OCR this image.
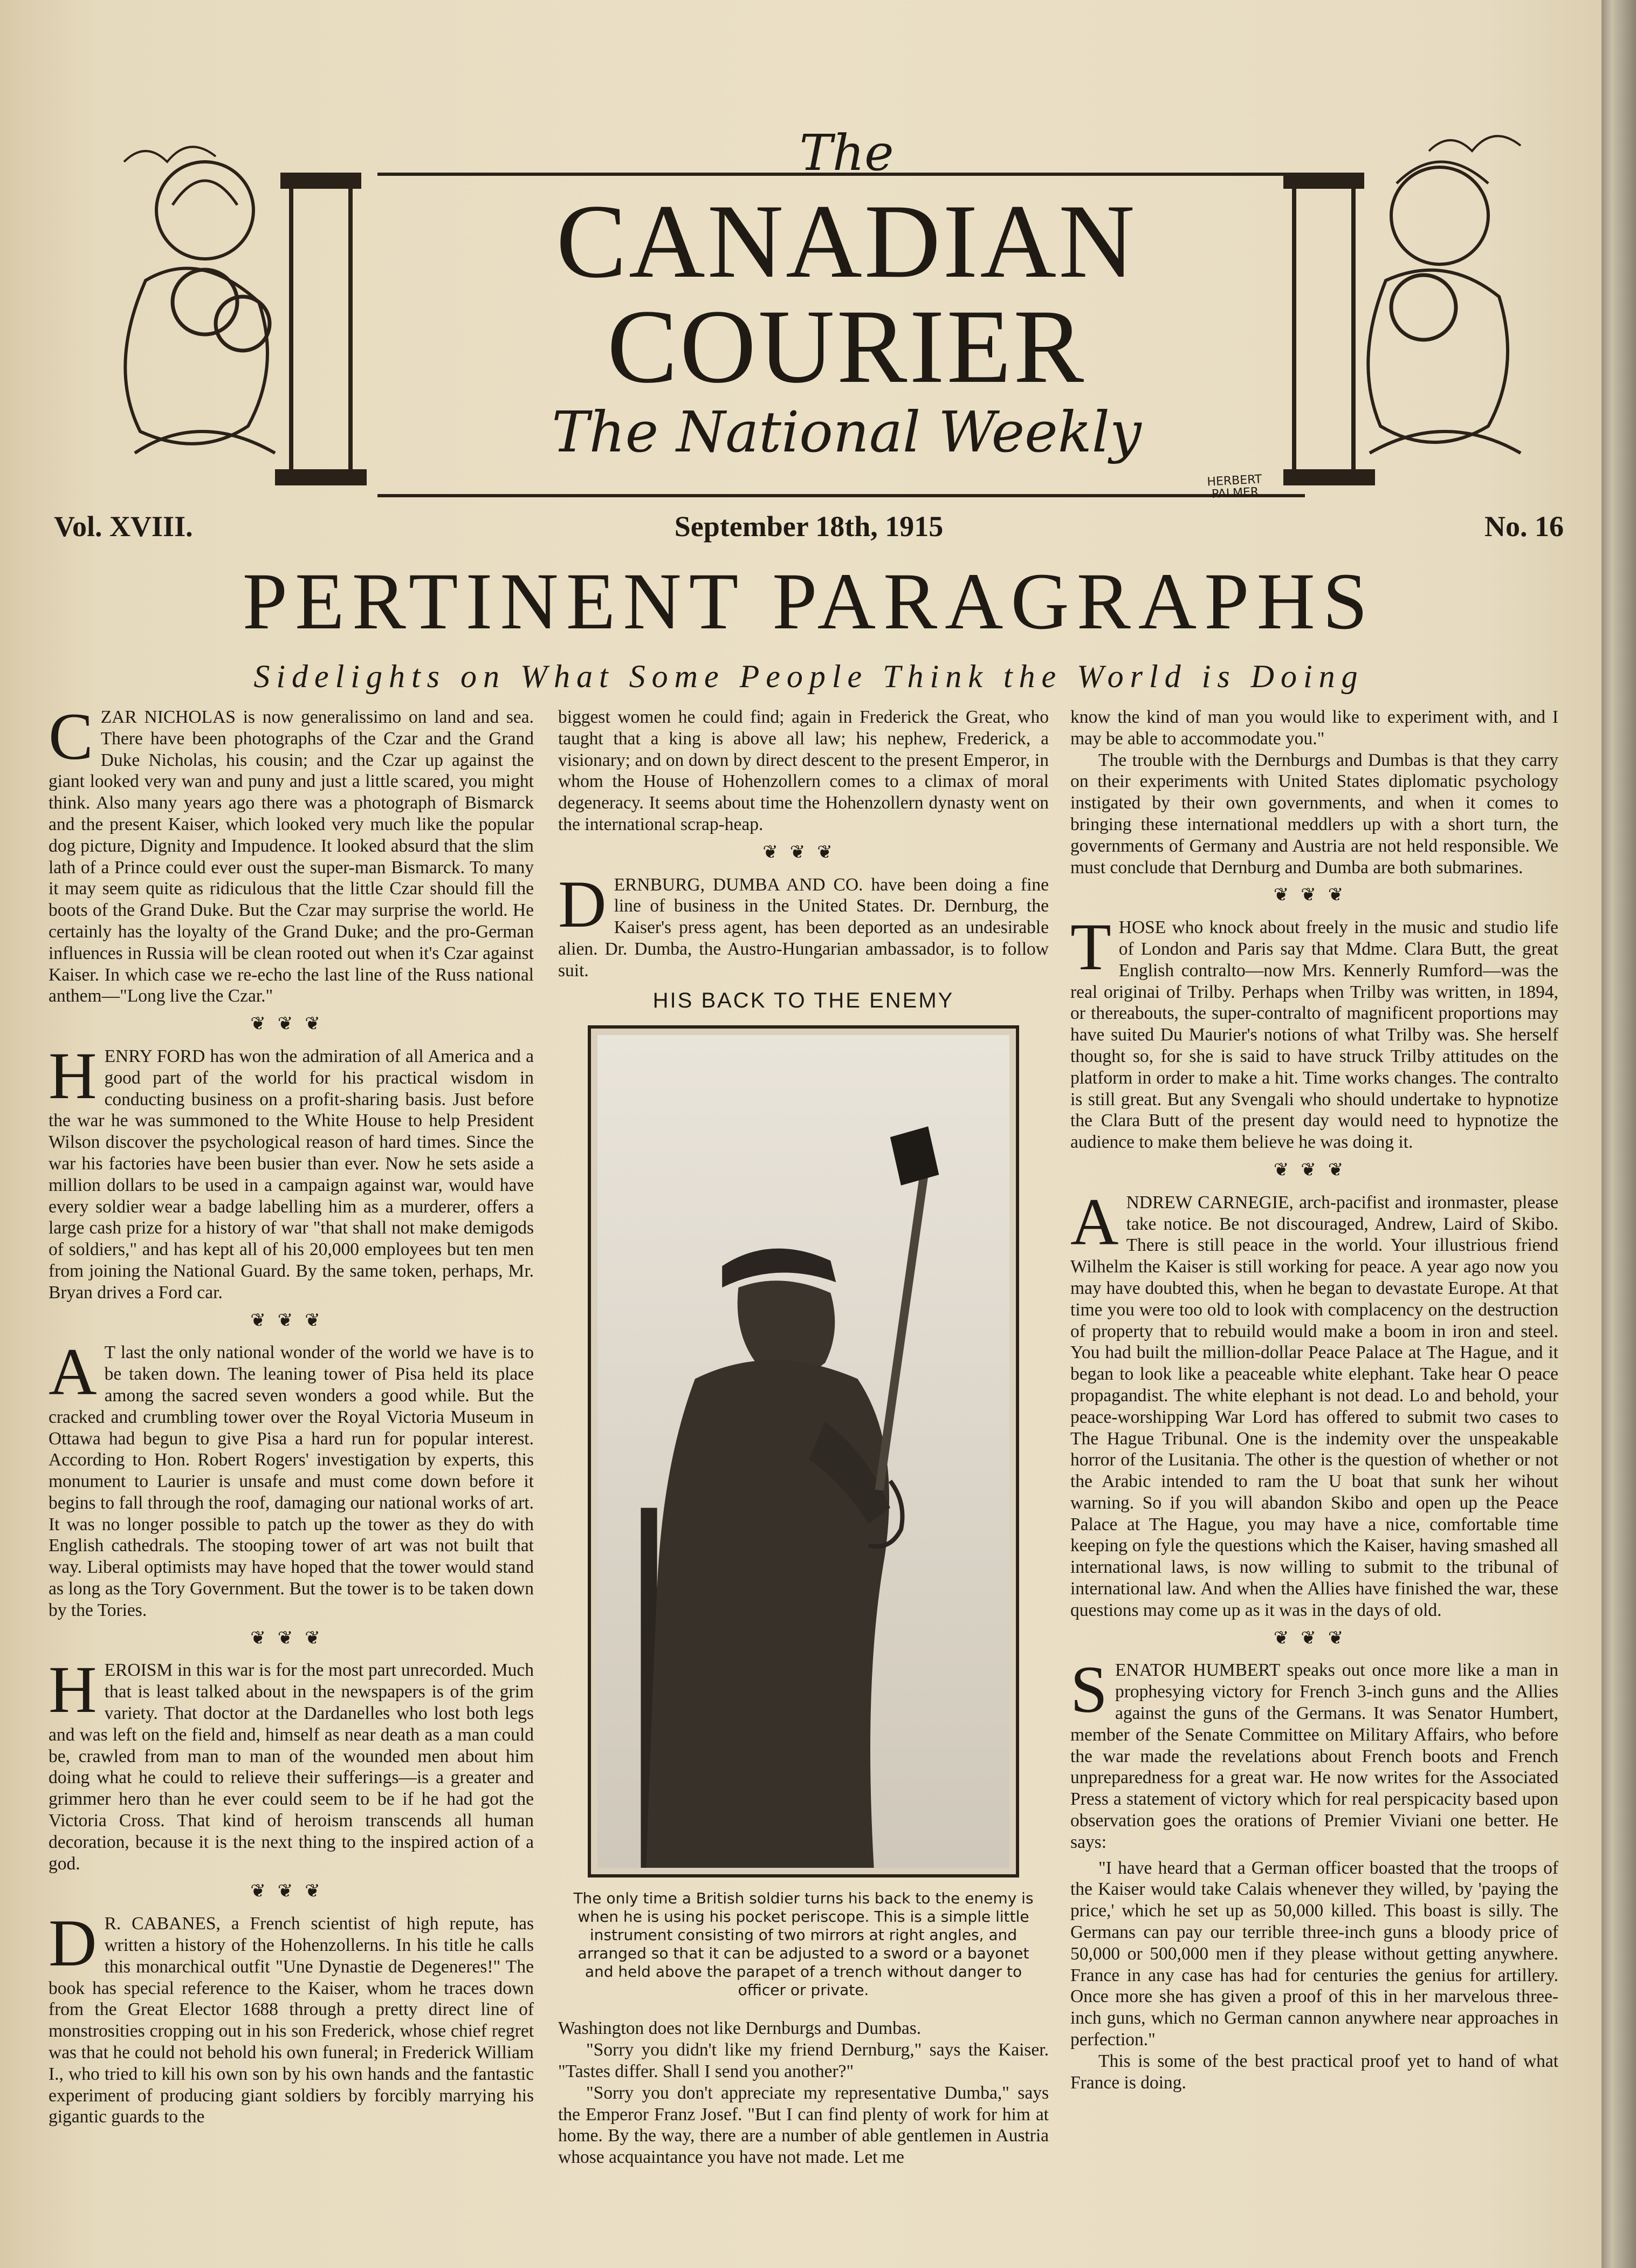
The
CANADIAN
COURIER
The National Weekly
HERBERT PALMER
September 18th, 1915
Vol. XVIII.	No. 16
PERTINENT PARAGRAPHS
Sidelights on What Some People Think the World is Doing
C ZAR NICHOLAS is now generalissimo on land and sea. There have been photographs of the Czar and the Grand Duke Nicholas, his cousin; and the Czar up against the giant looked very wan and puny and just a little scared, you might think. Also many years ago there was a photograph of Bismarck and the present Kaiser, which looked very much like the popular dog picture, Dignity and Impudence. It looked absurd that the slim lath of a Prince could ever oust the super-man Bismarck. To many it may seem quite as ridiculous that the little Czar should fill the boots of the Grand Duke. But the Czar may surprise the world. He certainly has the loyalty of the Grand Duke; and the pro-German influences in Russia will be clean rooted out when it's Czar against Kaiser. In which case we re-echo the last line of the Russ national anthem—"Long live the Czar."
❦❦❦
H ENRY FORD has won the admiration of all America and a good part of the world for his practical wisdom in conducting business on a profit-sharing basis. Just before the war he was summoned to the White House to help President Wilson discover the psychological reason of hard times. Since the war his factories have been busier than ever. Now he sets aside a million dollars to be used in a campaign against war, would have every soldier wear a badge labelling him as a murderer, offers a large cash prize for a history of war "that shall not make demigods of soldiers," and has kept all of his 20,000 employees but ten men from joining the National Guard. By the same token, perhaps, Mr. Bryan drives a Ford car.
❦❦❦
A T last the only national wonder of the world we have is to be taken down. The leaning tower of Pisa held its place among the sacred seven wonders a good while. But the cracked and crumbling tower over the Royal Victoria Museum in Ottawa had begun to give Pisa a hard run for popular interest. According to Hon. Robert Rogers' investigation by experts, this monument to Laurier is unsafe and must come down before it begins to fall through the roof, damaging our national works of art. It was no longer possible to patch up the tower as they do with English cathedrals. The stooping tower of art was not built that way. Liberal optimists may have hoped that the tower would stand as long as the Tory Government. But the tower is to be taken down by the Tories.
❦❦❦
H EROISM in this war is for the most part unrecorded. Much that is least talked about in the newspapers is of the grim variety. That doctor at the Dardanelles who lost both legs and was left on the field and, himself as near death as a man could be, crawled from man to man of the wounded men about him doing what he could to relieve their sufferings—is a greater and grimmer hero than he ever could seem to be if he had got the Victoria Cross. That kind of heroism transcends all human decoration, because it is the next thing to the inspired action of a god.
❦❦❦
D R. CABANES, a French scientist of high repute, has written a history of the Hohenzollerns. In his title he calls this monarchical outfit "Une Dynastie de Degeneres!" The book has special reference to the Kaiser, whom he traces down from the Great Elector 1688 through a pretty direct line of monstrosities cropping out in his son Frederick, whose chief regret was that he could not behold his own funeral; in Frederick William I., who tried to kill his own son by his own hands and the fantastic experiment of producing giant soldiers by forcibly marrying his gigantic guards to the

biggest women he could find; again in Frederick the Great, who taught that a king is above all law; his nephew, Frederick, a visionary; and on down by direct descent to the present Emperor, in whom the House of Hohenzollern comes to a climax of moral degeneracy. It seems about time the Hohenzollern dynasty went on the international scrap-heap.

❦❦❦
D ERNBURG, DUMBA AND CO. have been doing a fine line of business in the United States. Dr. Dernburg, the Kaiser's press agent, has been deported as an undesirable alien. Dr. Dumba, the Austro-Hungarian ambassador, is to follow suit.
HIS BACK TO THE ENEMY
The only time a British soldier turns his back to the enemy is when he is using his pocket periscope. This is a simple little instrument consisting of two mirrors at right angles, and arranged so that it can be adjusted to a sword or a bayonet and held above the parapet of a trench without danger to officer or private.

Washington does not like Dernburgs and Dumbas.

"Sorry you didn't like my friend Dernburg," says the Kaiser. "Tastes differ. Shall I send you another?"

"Sorry you don't appreciate my representative Dumba," says the Emperor Franz Josef. "But I can find plenty of work for him at home. By the way, there are a number of able gentlemen in Austria whose acquaintance you have not made. Let me

know the kind of man you would like to experiment with, and I may be able to accommodate you."

The trouble with the Dernburgs and Dumbas is that they carry on their experiments with United States diplomatic psychology instigated by their own governments, and when it comes to bringing these international meddlers up with a short turn, the governments of Germany and Austria are not held responsible. We must conclude that Dernburg and Dumba are both submarines.

❦❦❦
T HOSE who knock about freely in the music and studio life of London and Paris say that Mdme. Clara Butt, the great English contralto—now Mrs. Kennerly Rumford—was the real originai of Trilby. Perhaps when Trilby was written, in 1894, or thereabouts, the super-contralto of magnificent proportions may have suited Du Maurier's notions of what Trilby was. She herself thought so, for she is said to have struck Trilby attitudes on the platform in order to make a hit. Time works changes. The contralto is still great. But any Svengali who should undertake to hypnotize the Clara Butt of the present day would need to hypnotize the audience to make them believe he was doing it.
❦❦❦
A NDREW CARNEGIE, arch-pacifist and ironmaster, please take notice. Be not discouraged, Andrew, Laird of Skibo. There is still peace in the world. Your illustrious friend Wilhelm the Kaiser is still working for peace. A year ago now you may have doubted this, when he began to devastate Europe. At that time you were too old to look with complacency on the destruction of property that to rebuild would make a boom in iron and steel. You had built the million-dollar Peace Palace at The Hague, and it began to look like a peaceable white elephant. Take hear O peace propagandist. The white elephant is not dead. Lo and behold, your peace-worshipping War Lord has offered to submit two cases to The Hague Tribunal. One is the indemity over the unspeakable horror of the Lusitania. The other is the question of whether or not the Arabic intended to ram the U boat that sunk her wihout warning. So if you will abandon Skibo and open up the Peace Palace at The Hague, you may have a nice, comfortable time keeping on fyle the questions which the Kaiser, having smashed all international laws, is now willing to submit to the tribunal of international law. And when the Allies have finished the war, these questions may come up as it was in the days of old.
❦❦❦
S ENATOR HUMBERT speaks out once more like a man in prophesying victory for French 3-inch guns and the Allies against the guns of the Germans. It was Senator Humbert, member of the Senate Committee on Military Affairs, who before the war made the revelations about French boots and French unpreparedness for a great war. He now writes for the Associated Press a statement of victory which for real perspicacity based upon observation goes the orations of Premier Viviani one better. He says:

"I have heard that a German officer boasted that the troops of the Kaiser would take Calais whenever they willed, by 'paying the price,' which he set up as 50,000 killed. This boast is silly. The Germans can pay our terrible three-inch guns a bloody price of 50,000 or 500,000 men if they please without getting anywhere. France in any case has had for centuries the genius for artillery. Once more she has given a proof of this in her marvelous three-inch guns, which no German cannon anywhere near approaches in perfection."

This is some of the best practical proof yet to hand of what France is doing.
